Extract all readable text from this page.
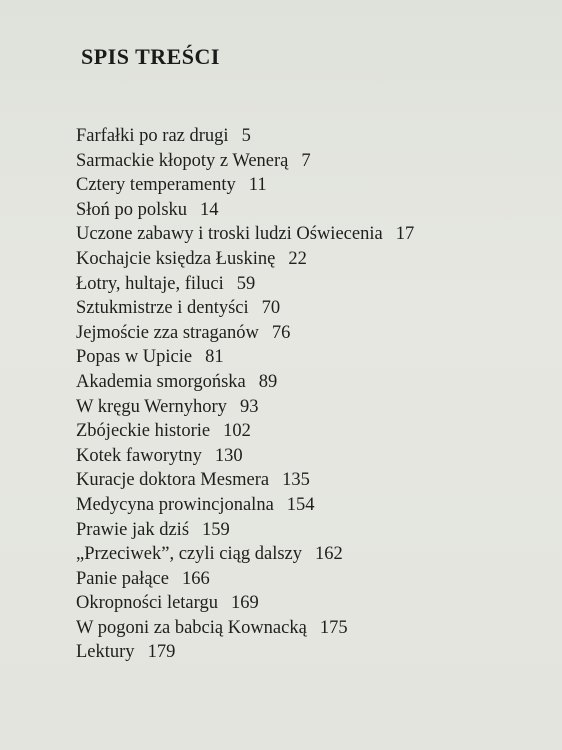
SPIS TREŚCI
Farfałki po raz drugi 5
Sarmackie kłopoty z Wenerą 7
Cztery temperamenty 11
Słoń po polsku 14
Uczone zabawy i troski ludzi Oświecenia 17
Kochajcie księdza Łuskinę 22
Łotry, hultaje, filuci 59
Sztukmistrze i dentyści 70
Jejmoście zza straganów 76
Popas w Upicie 81
Akademia smorgońska 89
W kręgu Wernyhory 93
Zbójeckie historie 102
Kotek faworytny 130
Kuracje doktora Mesmera 135
Medycyna prowincjonalna 154
Prawie jak dziś 159
„Przeciwek”, czyli ciąg dalszy 162
Panie pałące 166
Okropności letargu 169
W pogoni za babcią Kownacką 175
Lektury 179
